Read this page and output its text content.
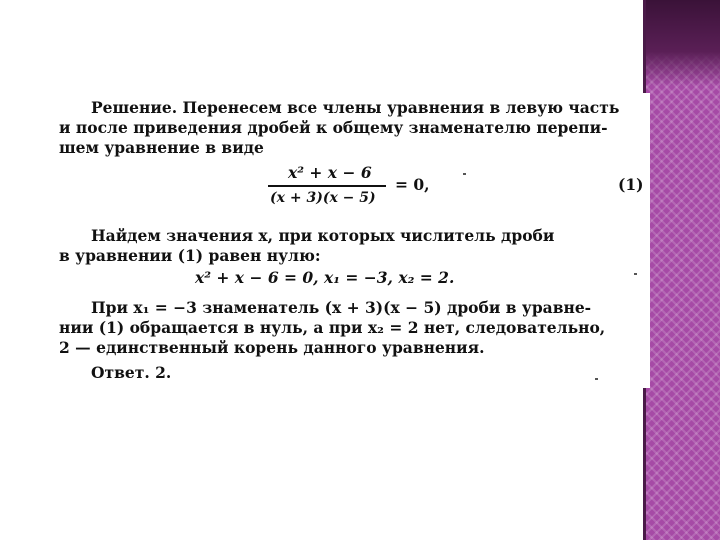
Решение. Перенесем все члены уравнения в левую часть
и после приведения дробей к общему знаменателю перепи-
шем уравнение в виде
x² + x − 6
(x + 3)(x − 5)
= 0,	(1)
Найдем значения x, при которых числитель дроби
в уравнении (1) равен нулю:
x² + x − 6 = 0, x₁ = −3, x₂ = 2.
При x₁ = −3 знаменатель (x + 3)(x − 5) дроби в уравне-
нии (1) обращается в нуль, а при x₂ = 2 нет, следовательно,
2 — единственный корень данного уравнения.
Ответ. 2.
